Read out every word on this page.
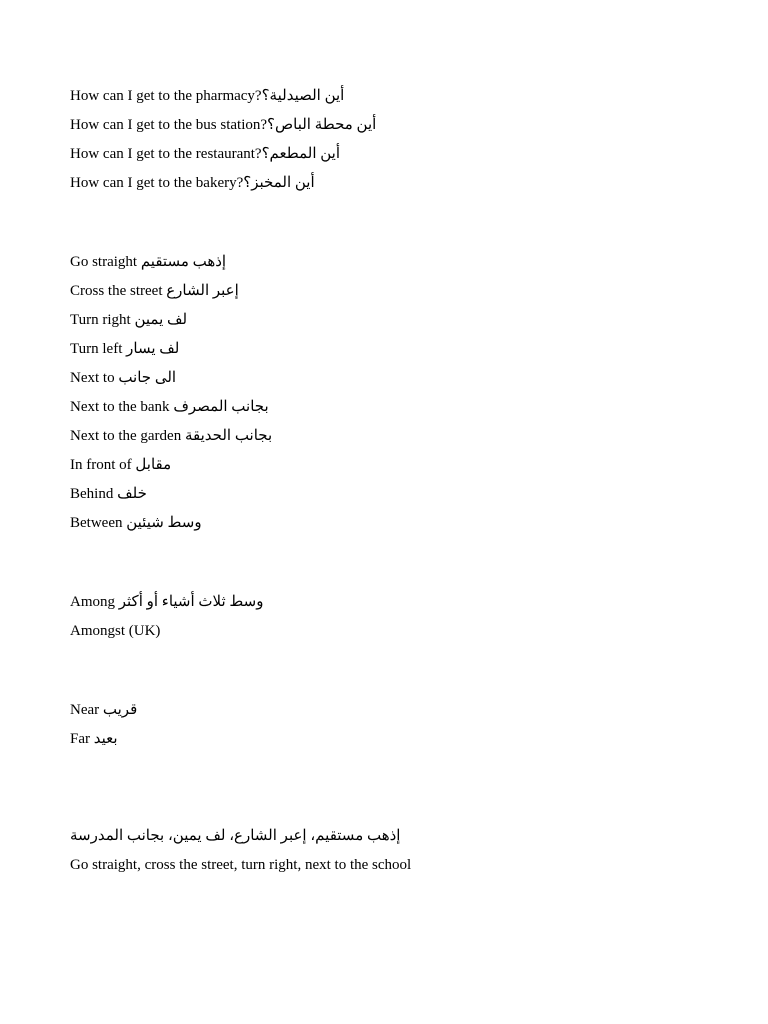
How can I get to the pharmacy?‎⁧أين الصيدلية؟⁩
How can I get to the bus station?‎⁧أين محطة الباص؟⁩
How can I get to the restaurant?‎⁧أين المطعم؟⁩
How can I get to the bakery?‎⁧أين المخبز؟⁩
Go straight ⁧إذهب مستقيم⁩
Cross the street ⁧إعبر الشارع⁩
Turn right ⁧لف يمين⁩
Turn left ⁧لف يسار⁩
Next to ⁧الى جانب⁩
Next to the bank ⁧بجانب المصرف⁩
Next to the garden ⁧بجانب الحديقة⁩
In front of ⁧مقابل⁩
Behind ⁧خلف⁩
Between ⁧وسط شيئين⁩
Among ⁧وسط ثلاث أشياء أو أكثر⁩
Amongst (UK)
Near ⁧قريب⁩
Far ⁧بعيد⁩
⁧إذهب مستقيم، إعبر الشارع، لف يمين، بجانب المدرسة⁩
Go straight, cross the street, turn right, next to the school
